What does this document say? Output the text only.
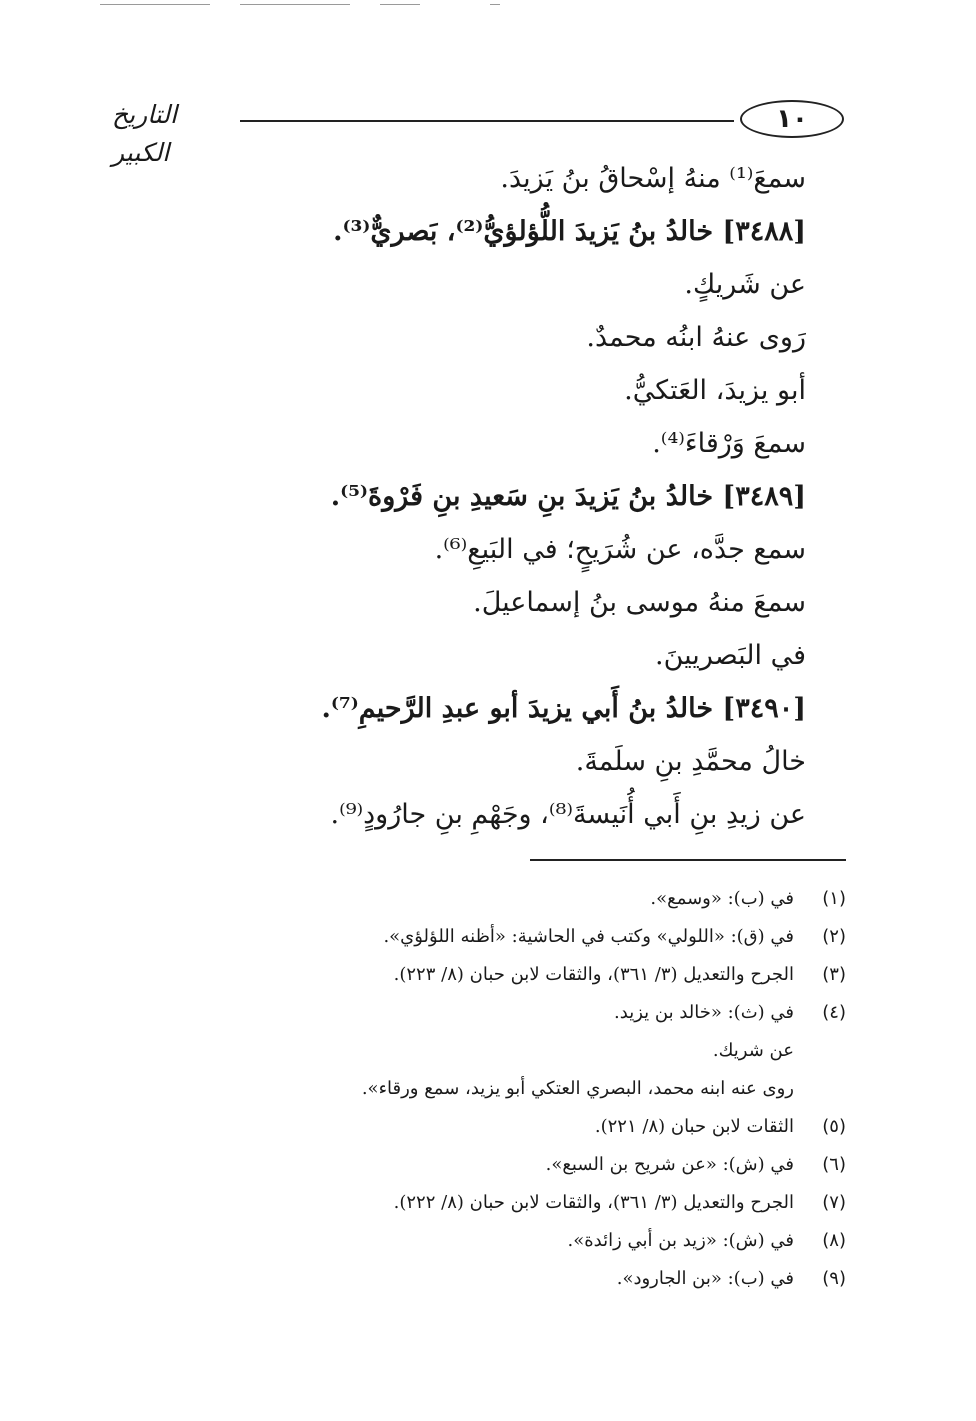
١٠
التاريخ الكبير
سمعَ⁽¹⁾ منهُ إسْحاقُ بنُ يَزيدَ.
[٣٤٨٨] خالدُ بنُ يَزيدَ اللُّؤلؤيُّ⁽²⁾، بَصريٌّ⁽³⁾.
عن شَريكٍ.
رَوى عنهُ ابنُه محمدٌ.
أبو يزيدَ، العَتكيُّ.
سمعَ وَرْقاءَ⁽⁴⁾.
[٣٤٨٩] خالدُ بنُ يَزيدَ بنِ سَعيدِ بنِ فَرْوةَ⁽⁵⁾.
سمع جدَّه، عن شُرَيحٍ؛ في البَيعِ⁽⁶⁾.
سمعَ منهُ موسى بنُ إسماعيلَ.
في البَصريينَ.
[٣٤٩٠] خالدُ بنُ أَبي يزيدَ أبو عبدِ الرَّحيمِ⁽⁷⁾.
خالُ محمَّدِ بنِ سلَمةَ.
عن زيدِ بنِ أَبي أُنَيسةَ⁽⁸⁾، وجَهْمِ بنِ جارُودٍ⁽⁹⁾.
(١)
في (ب): «وسمع».
(٢)
في (ق): «اللولي» وكتب في الحاشية: «أظنه اللؤلؤي».
(٣)
الجرح والتعديل (٣/ ٣٦١)، والثقات لابن حبان (٨/ ٢٢٣).
(٤)
في (ث): «خالد بن يزيد.
عن شريك.
روى عنه ابنه محمد، البصري العتكي أبو يزيد، سمع ورقاء».
(٥)
الثقات لابن حبان (٨/ ٢٢١).
(٦)
في (ش): «عن شريح بن السبع».
(٧)
الجرح والتعديل (٣/ ٣٦١)، والثقات لابن حبان (٨/ ٢٢٢).
(٨)
في (ش): «زيد بن أبي زائدة».
(٩)
في (ب): «بن الجارود».
